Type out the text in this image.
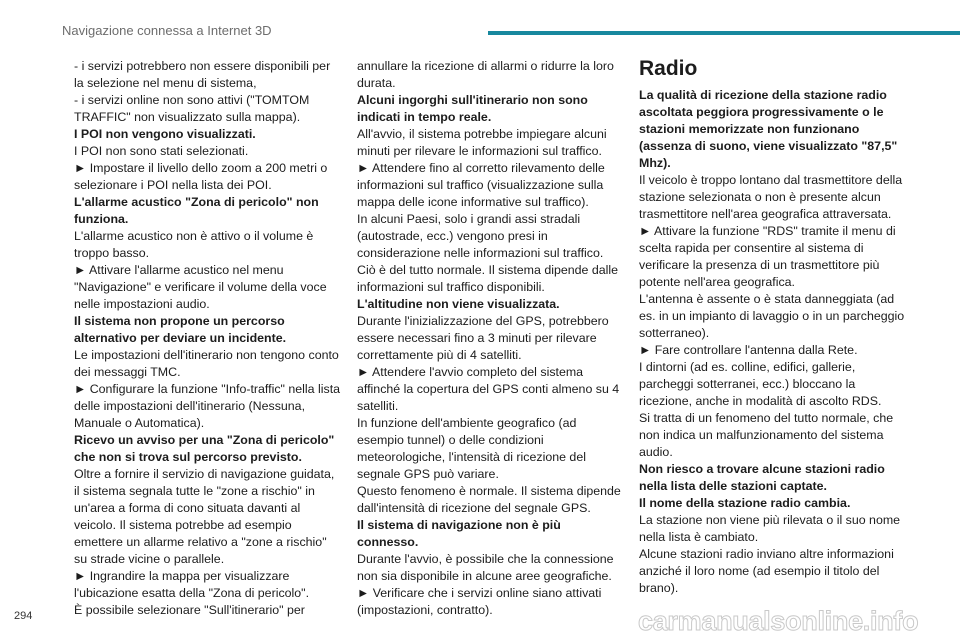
Navigazione connessa a Internet 3D

- i servizi potrebbero non essere disponibili per la selezione nel menu di sistema,

- i servizi online non sono attivi ("TOMTOM TRAFFIC" non visualizzato sulla mappa).

I POI non vengono visualizzati.

I POI non sono stati selezionati.

► Impostare il livello dello zoom a 200 metri o selezionare i POI nella lista dei POI.

L'allarme acustico "Zona di pericolo" non funziona.

L'allarme acustico non è attivo o il volume è troppo basso.

► Attivare l'allarme acustico nel menu "Navigazione" e verificare il volume della voce nelle impostazioni audio.

Il sistema non propone un percorso alternativo per deviare un incidente.

Le impostazioni dell'itinerario non tengono conto dei messaggi TMC.

► Configurare la funzione "Info-traffic" nella lista delle impostazioni dell'itinerario (Nessuna, Manuale o Automatica).

Ricevo un avviso per una "Zona di pericolo" che non si trova sul percorso previsto.

Oltre a fornire il servizio di navigazione guidata, il sistema segnala tutte le "zone a rischio" in un'area a forma di cono situata davanti al veicolo. Il sistema potrebbe ad esempio emettere un allarme relativo a "zone a rischio" su strade vicine o parallele.

► Ingrandire la mappa per visualizzare l'ubicazione esatta della "Zona di pericolo".

È possibile selezionare "Sull'itinerario" per

annullare la ricezione di allarmi o ridurre la loro durata.

Alcuni ingorghi sull'itinerario non sono indicati in tempo reale.

All'avvio, il sistema potrebbe impiegare alcuni minuti per rilevare le informazioni sul traffico.

► Attendere fino al corretto rilevamento delle informazioni sul traffico (visualizzazione sulla mappa delle icone informative sul traffico).

In alcuni Paesi, solo i grandi assi stradali (autostrade, ecc.) vengono presi in considerazione nelle informazioni sul traffico.

Ciò è del tutto normale. Il sistema dipende dalle informazioni sul traffico disponibili.

L'altitudine non viene visualizzata.

Durante l'inizializzazione del GPS, potrebbero essere necessari fino a 3 minuti per rilevare correttamente più di 4 satelliti.

► Attendere l'avvio completo del sistema affinché la copertura del GPS conti almeno su 4 satelliti.

In funzione dell'ambiente geografico (ad esempio tunnel) o delle condizioni meteorologiche, l'intensità di ricezione del segnale GPS può variare.

Questo fenomeno è normale. Il sistema dipende dall'intensità di ricezione del segnale GPS.

Il sistema di navigazione non è più connesso.

Durante l'avvio, è possibile che la connessione non sia disponibile in alcune aree geografiche.

► Verificare che i servizi online siano attivati (impostazioni, contratto).

Radio

La qualità di ricezione della stazione radio ascoltata peggiora progressivamente o le stazioni memorizzate non funzionano (assenza di suono, viene visualizzato "87,5" Mhz).

Il veicolo è troppo lontano dal trasmettitore della stazione selezionata o non è presente alcun trasmettitore nell'area geografica attraversata.

► Attivare la funzione "RDS" tramite il menu di scelta rapida per consentire al sistema di verificare la presenza di un trasmettitore più potente nell'area geografica.

L'antenna è assente o è stata danneggiata (ad es. in un impianto di lavaggio o in un parcheggio sotterraneo).

► Fare controllare l'antenna dalla Rete.

I dintorni (ad es. colline, edifici, gallerie, parcheggi sotterranei, ecc.) bloccano la ricezione, anche in modalità di ascolto RDS.

Si tratta di un fenomeno del tutto normale, che non indica un malfunzionamento del sistema audio.

Non riesco a trovare alcune stazioni radio nella lista delle stazioni captate.

Il nome della stazione radio cambia.

La stazione non viene più rilevata o il suo nome nella lista è cambiato.

Alcune stazioni radio inviano altre informazioni anziché il loro nome (ad esempio il titolo del brano).

294	carmanualsonline.info
